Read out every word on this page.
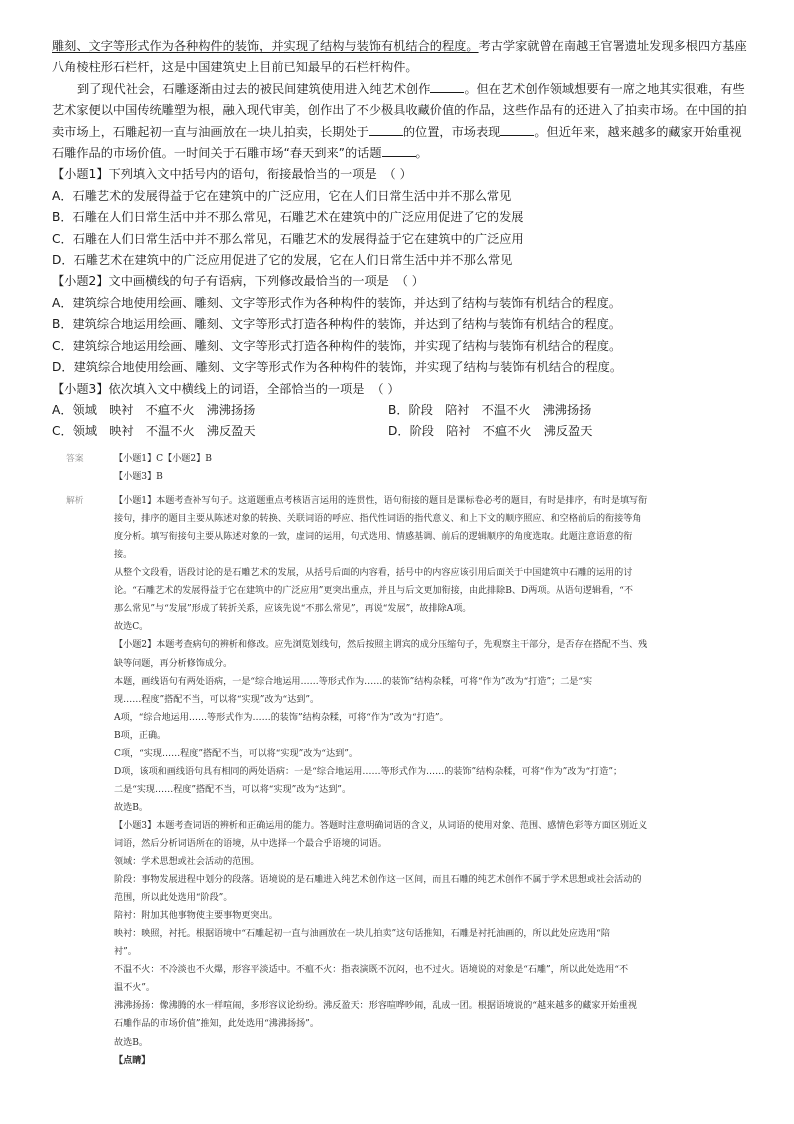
雕刻、文字等形式作为各种构件的装饰，并实现了结构与装饰有机结合的程度。考古学家就曾在南越王官署遗址发现多根四方基座
八角棱柱形石栏杆，这是中国建筑史上目前已知最早的石栏杆构件。
到了现代社会，石雕逐渐由过去的被民间建筑使用进入纯艺术创作	。但在艺术创作领域想要有一席之地其实很难，有些
艺术家便以中国传统雕塑为根，融入现代审美，创作出了不少极具收藏价值的作品，这些作品有的还进入了拍卖市场。在中国的拍
卖市场上，石雕起初一直与油画放在一块儿拍卖，长期处于	的位置，市场表现	。但近年来，越来越多的藏家开始重视
石雕作品的市场价值。一时间关于石雕市场“春天到来”的话题	。
【小题1】下列填入文中括号内的语句，衔接最恰当的一项是 （ ）
A．石雕艺术的发展得益于它在建筑中的广泛应用，它在人们日常生活中并不那么常见
B．石雕在人们日常生活中并不那么常见，石雕艺术在建筑中的广泛应用促进了它的发展
C．石雕在人们日常生活中并不那么常见，石雕艺术的发展得益于它在建筑中的广泛应用
D．石雕艺术在建筑中的广泛应用促进了它的发展，它在人们日常生活中并不那么常见
【小题2】文中画横线的句子有语病，下列修改最恰当的一项是 （ ）
A．建筑综合地使用绘画、雕刻、文字等形式作为各种构件的装饰，并达到了结构与装饰有机结合的程度。
B．建筑综合地运用绘画、雕刻、文字等形式打造各种构件的装饰，并达到了结构与装饰有机结合的程度。
C．建筑综合地运用绘画、雕刻、文字等形式打造各种构件的装饰，并实现了结构与装饰有机结合的程度。
D．建筑综合地使用绘画、雕刻、文字等形式作为各种构件的装饰，并实现了结构与装饰有机结合的程度。
【小题3】依次填入文中横线上的词语，全部恰当的一项是 （ ）
A．领域　映衬　不瘟不火　沸沸扬扬	B．阶段　陪衬　不温不火　沸沸扬扬
C．领域　映衬　不温不火　沸反盈天	D．阶段　陪衬　不瘟不火　沸反盈天
答案	【小题1】C【小题2】B
【小题3】B
解析	【小题1】本题考查补写句子。这道题重点考核语言运用的连贯性，语句衔接的题目是课标卷必考的题目，有时是排序，有时是填写衔
接句，排序的题目主要从陈述对象的转换、关联词语的呼应、指代性词语的指代意义、和上下文的顺序照应、和空格前后的衔接等角
度分析。填写衔接句主要从陈述对象的一致，虚词的运用，句式选用、情感基调、前后的逻辑顺序的角度选取。此题注意语意的衔
接。
从整个文段看，语段讨论的是石雕艺术的发展，从括号后面的内容看，括号中的内容应该引用后面关于中国建筑中石雕的运用的讨
论。“石雕艺术的发展得益于它在建筑中的广泛应用”更突出重点，并且与后文更加衔接，由此排除B、D两项。从语句逻辑看，“不
那么常见”与“发展”形成了转折关系，应该先说“不那么常见”，再说“发展”，故排除A项。
故选C。
【小题2】本题考查病句的辨析和修改。应先浏览划线句，然后按照主谓宾的成分压缩句子，先观察主干部分，是否存在搭配不当、残
缺等问题，再分析修饰成分。
本题，画线语句有两处语病，一是“综合地运用……等形式作为……的装饰”结构杂糅，可将“作为”改为“打造”；二是“实
现……程度”搭配不当，可以将“实现”改为“达到”。
A项，“综合地运用……等形式作为……的装饰”结构杂糅，可将“作为”改为“打造”。
B项，正确。
C项，“实现……程度”搭配不当，可以将“实现”改为“达到”。
D项，该项和画线语句具有相同的两处语病：一是“综合地运用……等形式作为……的装饰”结构杂糅，可将“作为”改为“打造”；
二是“实现……程度”搭配不当，可以将“实现”改为“达到”。
故选B。
【小题3】本题考查词语的辨析和正确运用的能力。答题时注意明确词语的含义，从词语的使用对象、范围、感情色彩等方面区别近义
词语，然后分析词语所在的语境，从中选择一个最合乎语境的词语。
领域：学术思想或社会活动的范围。
阶段：事物发展进程中划分的段落。语境说的是石雕进入纯艺术创作这一区间，而且石雕的纯艺术创作不属于学术思想或社会活动的
范围，所以此处选用“阶段”。
陪衬：附加其他事物使主要事物更突出。
映衬：映照，衬托。根据语境中“石雕起初一直与油画放在一块儿拍卖”这句话推知，石雕是衬托油画的，所以此处应选用“陪
衬”。
不温不火：不冷淡也不火爆，形容平淡适中。不瘟不火：指表演既不沉闷，也不过火。语境说的对象是“石雕”，所以此处选用“不
温不火”。
沸沸扬扬：像沸腾的水一样喧闹，多形容议论纷纷。沸反盈天：形容喧哗吵闹，乱成一团。根据语境说的“越来越多的藏家开始重视
石雕作品的市场价值”推知，此处选用“沸沸扬扬”。
故选B。
【点睛】
